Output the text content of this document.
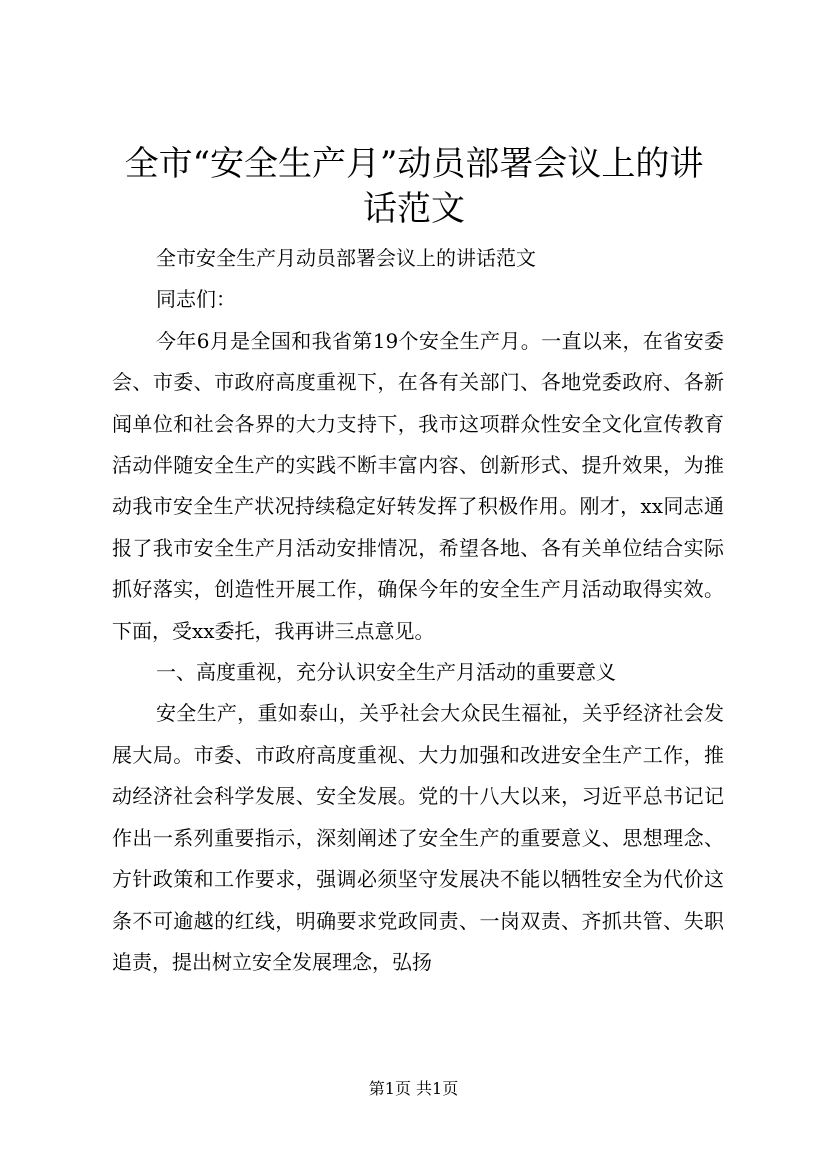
全市“安全生产月”动员部署会议上的讲话范文

全市安全生产月动员部署会议上的讲话范文

同志们：

今年6月是全国和我省第19个安全生产月。一直以来，在省安委会、市委、市政府高度重视下，在各有关部门、各地党委政府、各新闻单位和社会各界的大力支持下，我市这项群众性安全文化宣传教育活动伴随安全生产的实践不断丰富内容、创新形式、提升效果，为推动我市安全生产状况持续稳定好转发挥了积极作用。刚才，xx同志通报了我市安全生产月活动安排情况，希望各地、各有关单位结合实际抓好落实，创造性开展工作，确保今年的安全生产月活动取得实效。下面，受xx委托，我再讲三点意见。

一、高度重视，充分认识安全生产月活动的重要意义

安全生产，重如泰山，关乎社会大众民生福祉，关乎经济社会发展大局。市委、市政府高度重视、大力加强和改进安全生产工作，推动经济社会科学发展、安全发展。党的十八大以来，习近平总书记记作出一系列重要指示，深刻阐述了安全生产的重要意义、思想理念、方针政策和工作要求，强调必须坚守发展决不能以牺牲安全为代价这条不可逾越的红线，明确要求党政同责、一岗双责、齐抓共管、失职追责，提出树立安全发展理念，弘扬

第1页 共1页
